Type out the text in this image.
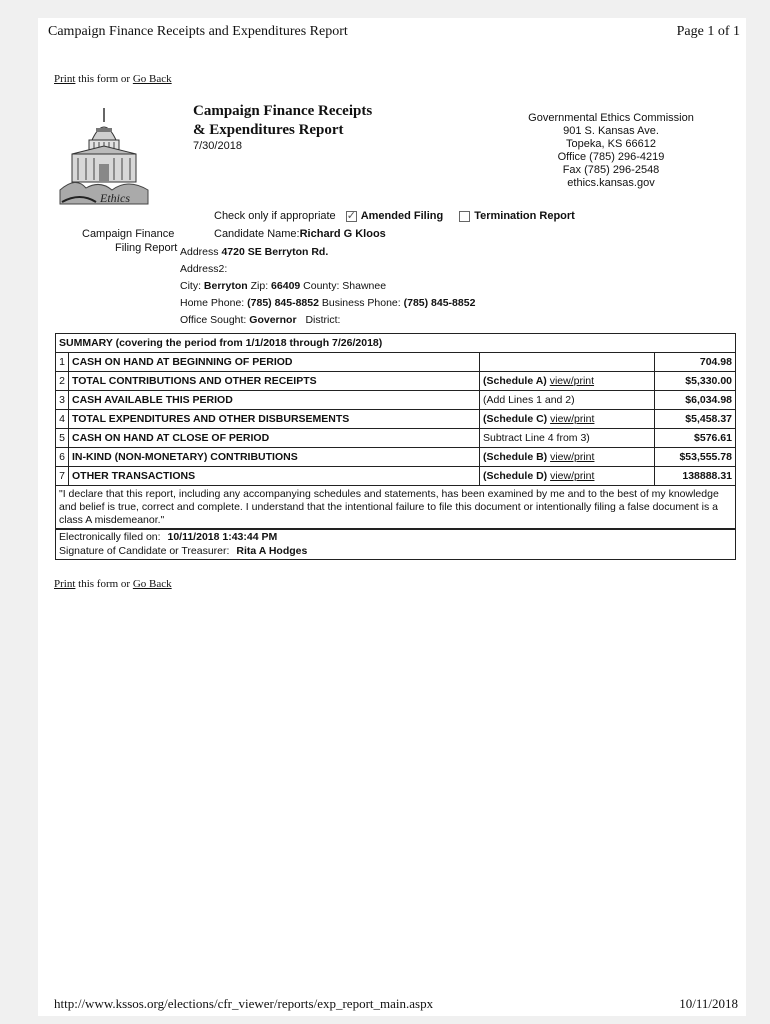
Campaign Finance Receipts and Expenditures Report	Page 1 of 1
Print this form or Go Back
Ethics
Campaign Finance Receipts
& Expenditures Report
7/30/2018
Governmental Ethics Commission
901 S. Kansas Ave.
Topeka, KS 66612
Office (785) 296-4219
Fax (785) 296-2548
ethics.kansas.gov
Check only if appropriate ✓ Amended Filing	Termination Report
Campaign Finance
Filing Report
Candidate Name:Richard G Kloos
Address 4720 SE Berryton Rd.
Address2:
City: Berryton Zip: 66409 County: Shawnee
Home Phone: (785) 845-8852 Business Phone: (785) 845-8852
Office Sought: Governor District:
SUMMARY (covering the period from 1/1/2018 through 7/26/2018)			
1	CASH ON HAND AT BEGINNING OF PERIOD		704.98
2	TOTAL CONTRIBUTIONS AND OTHER RECEIPTS	(Schedule A) view/print	$5,330.00
3	CASH AVAILABLE THIS PERIOD	(Add Lines 1 and 2)	$6,034.98
4	TOTAL EXPENDITURES AND OTHER DISBURSEMENTS	(Schedule C) view/print	$5,458.37
5	CASH ON HAND AT CLOSE OF PERIOD	Subtract Line 4 from 3)	$576.61
6	IN-KIND (NON-MONETARY) CONTRIBUTIONS	(Schedule B) view/print	$53,555.78
7	OTHER TRANSACTIONS	(Schedule D) view/print	138888.31
"I declare that this report, including any accompanying schedules and statements, has been examined by me and to the best of my knowledge and belief is true, correct and complete. I understand that the intentional failure to file this document or intentionally filing a false document is a class A misdemeanor."
Electronically filed on: 10/11/2018 1:43:44 PM
Signature of Candidate or Treasurer: Rita A Hodges
Print this form or Go Back
http://www.kssos.org/elections/cfr_viewer/reports/exp_report_main.aspx	10/11/2018
